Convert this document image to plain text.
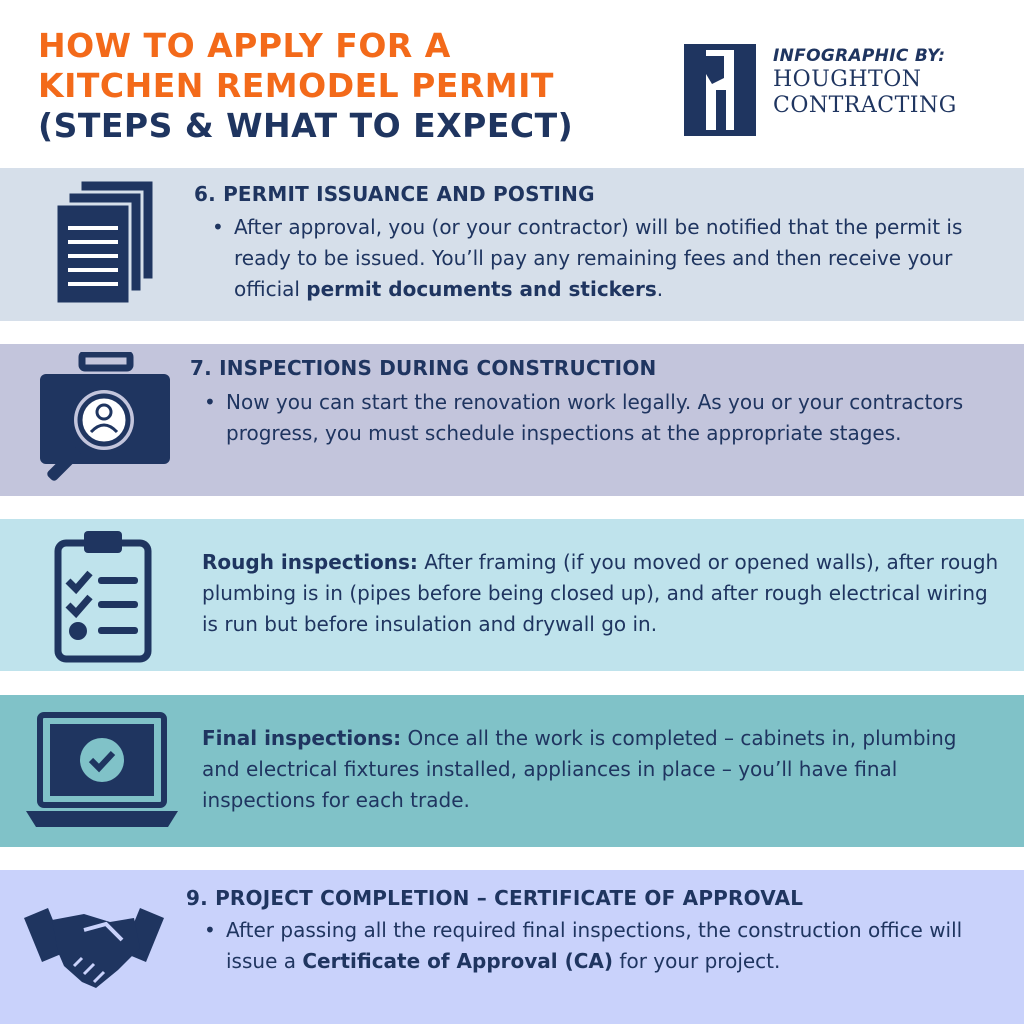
HOW TO APPLY FOR A
KITCHEN REMODEL PERMIT
(STEPS & WHAT TO EXPECT)
INFOGRAPHIC BY:
HOUGHTON
CONTRACTING
6. PERMIT ISSUANCE AND POSTING
• After approval, you (or your contractor) will be notified that the permit is ready to be issued. You’ll pay any remaining fees and then receive your official permit documents and stickers.
7. INSPECTIONS DURING CONSTRUCTION
• Now you can start the renovation work legally. As you or your contractors progress, you must schedule inspections at the appropriate stages.
Rough inspections: After framing (if you moved or opened walls), after rough plumbing is in (pipes before being closed up), and after rough electrical wiring is run but before insulation and drywall go in.
Final inspections: Once all the work is completed – cabinets in, plumbing and electrical fixtures installed, appliances in place – you’ll have final inspections for each trade.
9. PROJECT COMPLETION – CERTIFICATE OF APPROVAL
• After passing all the required final inspections, the construction office will issue a Certificate of Approval (CA) for your project.
